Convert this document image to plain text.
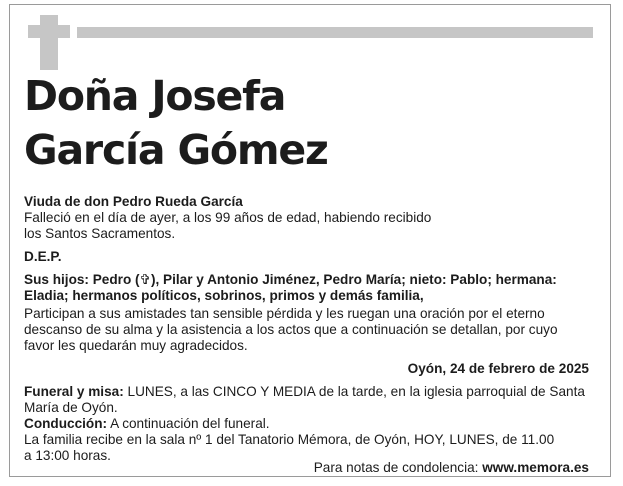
Doña Josefa
García Gómez
Viuda de don Pedro Rueda García
Falleció en el día de ayer, a los 99 años de edad, habiendo recibido
los Santos Sacramentos.
D.E.P.
Sus hijos: Pedro (✞), Pilar y Antonio Jiménez, Pedro María; nieto: Pablo; hermana:
Eladia; hermanos políticos, sobrinos, primos y demás familia,
Participan a sus amistades tan sensible pérdida y les ruegan una oración por el eterno
descanso de su alma y la asistencia a los actos que a continuación se detallan, por cuyo
favor les quedarán muy agradecidos.
Oyón, 24 de febrero de 2025
Funeral y misa: LUNES, a las CINCO Y MEDIA de la tarde, en la iglesia parroquial de Santa
María de Oyón.
Conducción: A continuación del funeral.
La familia recibe en la sala nº 1 del Tanatorio Mémora, de Oyón, HOY, LUNES, de 11.00
a 13:00 horas.
Para notas de condolencia: www.memora.es
